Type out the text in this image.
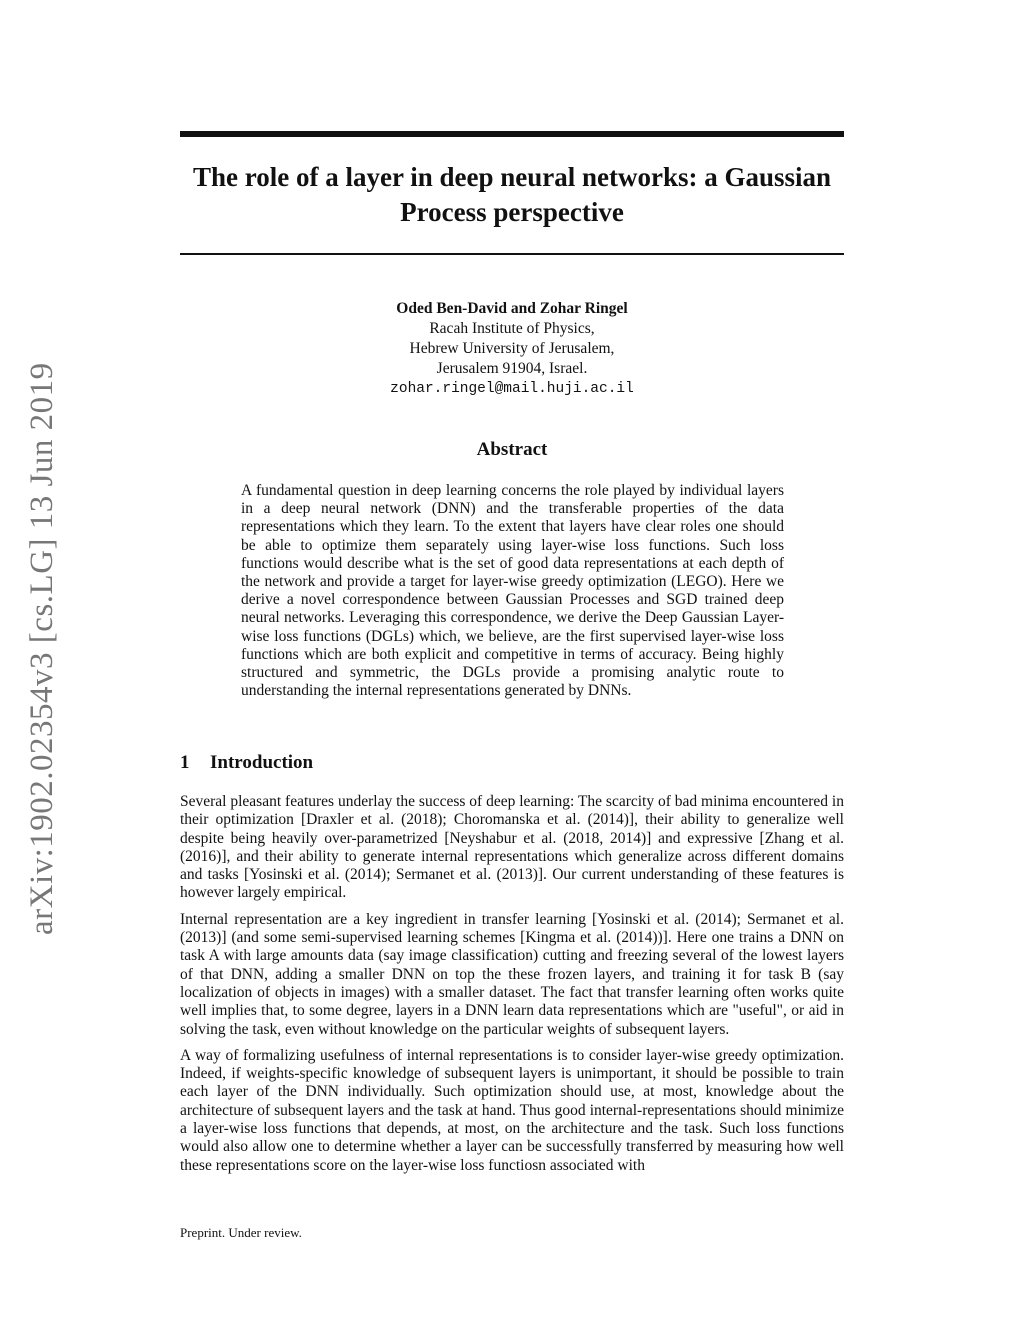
arXiv:1902.02354v3 [cs.LG] 13 Jun 2019
The role of a layer in deep neural networks: a Gaussian Process perspective
Oded Ben-David and Zohar Ringel
Racah Institute of Physics,
Hebrew University of Jerusalem,
Jerusalem 91904, Israel.
zohar.ringel@mail.huji.ac.il
Abstract

A fundamental question in deep learning concerns the role played by individual layers in a deep neural network (DNN) and the transferable properties of the data representations which they learn. To the extent that layers have clear roles one should be able to optimize them separately using layer-wise loss functions. Such loss functions would describe what is the set of good data representations at each depth of the network and provide a target for layer-wise greedy optimization (LEGO). Here we derive a novel correspondence between Gaussian Processes and SGD trained deep neural networks. Leveraging this correspondence, we derive the Deep Gaussian Layer-wise loss functions (DGLs) which, we believe, are the first supervised layer-wise loss functions which are both explicit and competitive in terms of accuracy. Being highly structured and symmetric, the DGLs provide a promising analytic route to understanding the internal representations generated by DNNs.

1 Introduction

Several pleasant features underlay the success of deep learning: The scarcity of bad minima encountered in their optimization [Draxler et al. (2018); Choromanska et al. (2014)], their ability to generalize well despite being heavily over-parametrized [Neyshabur et al. (2018, 2014)] and expressive [Zhang et al. (2016)], and their ability to generate internal representations which generalize across different domains and tasks [Yosinski et al. (2014); Sermanet et al. (2013)]. Our current understanding of these features is however largely empirical.

Internal representation are a key ingredient in transfer learning [Yosinski et al. (2014); Sermanet et al. (2013)] (and some semi-supervised learning schemes [Kingma et al. (2014))]. Here one trains a DNN on task A with large amounts data (say image classification) cutting and freezing several of the lowest layers of that DNN, adding a smaller DNN on top the these frozen layers, and training it for task B (say localization of objects in images) with a smaller dataset. The fact that transfer learning often works quite well implies that, to some degree, layers in a DNN learn data representations which are "useful", or aid in solving the task, even without knowledge on the particular weights of subsequent layers.

A way of formalizing usefulness of internal representations is to consider layer-wise greedy optimization. Indeed, if weights-specific knowledge of subsequent layers is unimportant, it should be possible to train each layer of the DNN individually. Such optimization should use, at most, knowledge about the architecture of subsequent layers and the task at hand. Thus good internal-representations should minimize a layer-wise loss functions that depends, at most, on the architecture and the task. Such loss functions would also allow one to determine whether a layer can be successfully transferred by measuring how well these representations score on the layer-wise loss functiosn associated with

Preprint. Under review.
